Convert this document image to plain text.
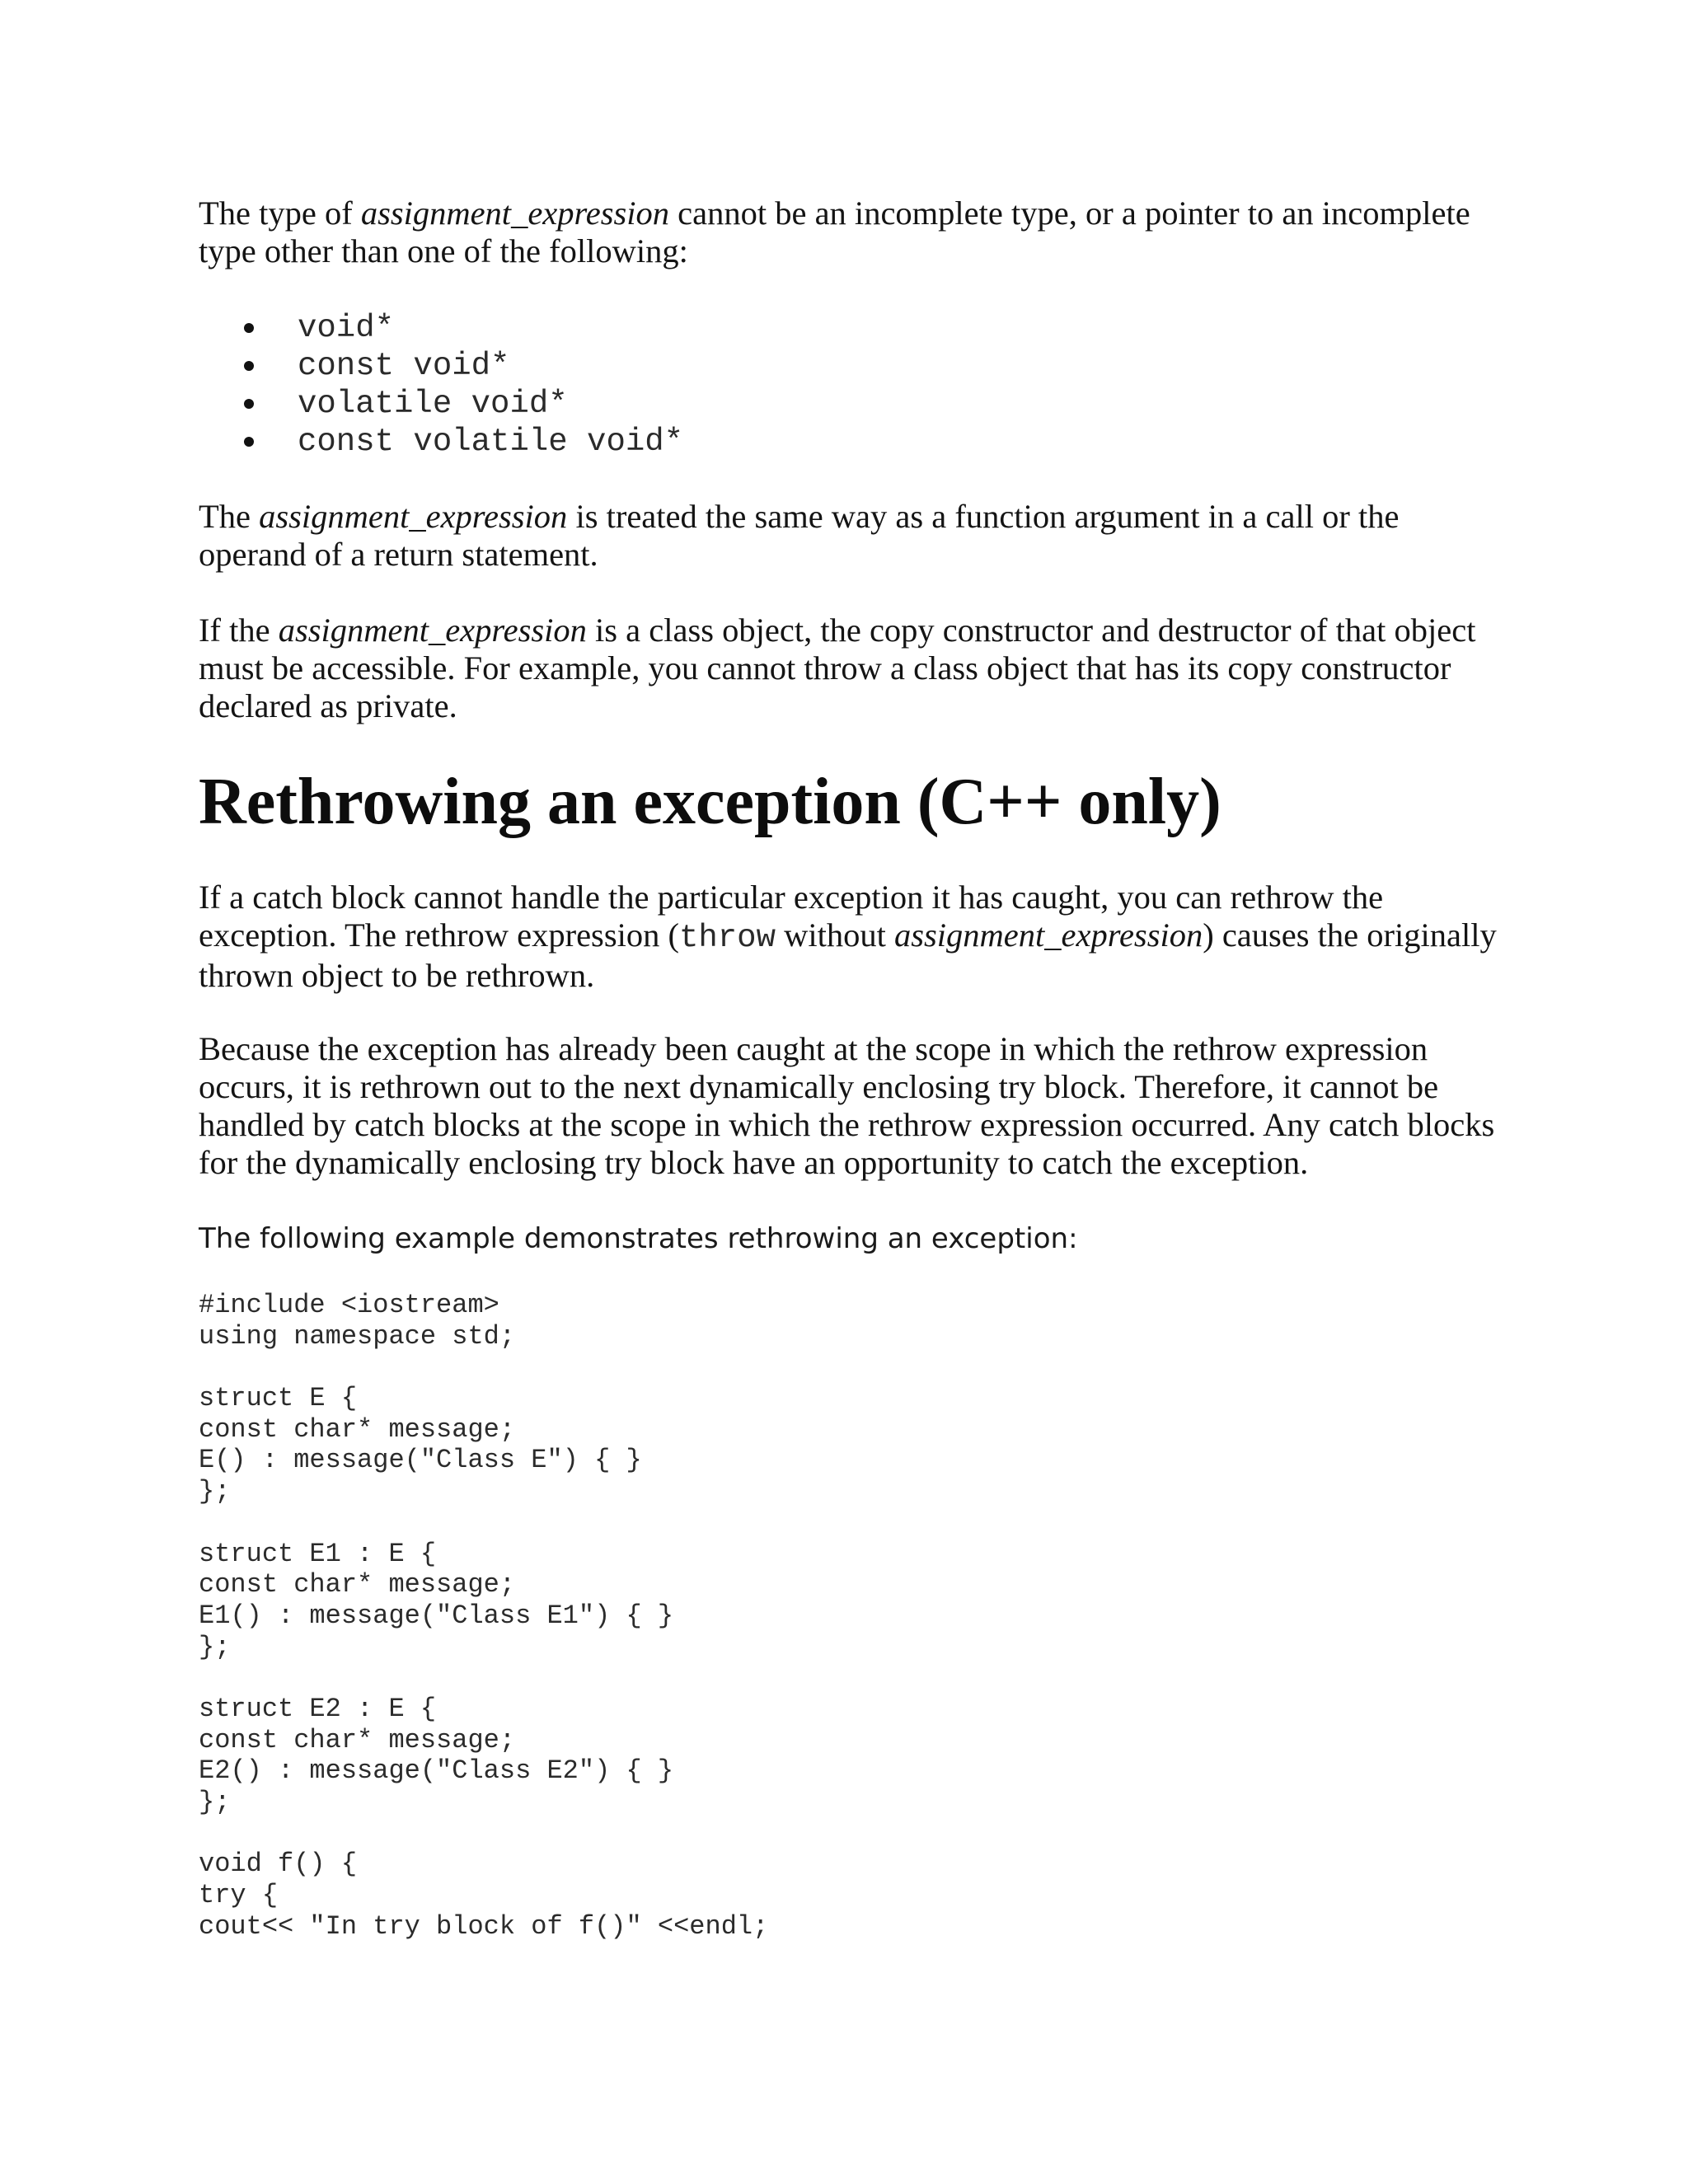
The type of assignment_expression cannot be an incomplete type, or a pointer to an incomplete type other than one of the following:

void*
const void*
volatile void*
const volatile void*

The assignment_expression is treated the same way as a function argument in a call or the operand of a return statement.

If the assignment_expression is a class object, the copy constructor and destructor of that object must be accessible. For example, you cannot throw a class object that has its copy constructor declared as private.

Rethrowing an exception (C++ only)

If a catch block cannot handle the particular exception it has caught, you can rethrow the exception. The rethrow expression (throw without assignment_expression) causes the originally thrown object to be rethrown.

Because the exception has already been caught at the scope in which the rethrow expression occurs, it is rethrown out to the next dynamically enclosing try block. Therefore, it cannot be handled by catch blocks at the scope in which the rethrow expression occurred. Any catch blocks for the dynamically enclosing try block have an opportunity to catch the exception.

The following example demonstrates rethrowing an exception:

#include <iostream>
using namespace std;
struct E {
const char* message;
E() : message("Class E") { }
};
struct E1 : E {
const char* message;
E1() : message("Class E1") { }
};
struct E2 : E {
const char* message;
E2() : message("Class E2") { }
};
void f() {
try {
cout<< "In try block of f()" <<endl;
